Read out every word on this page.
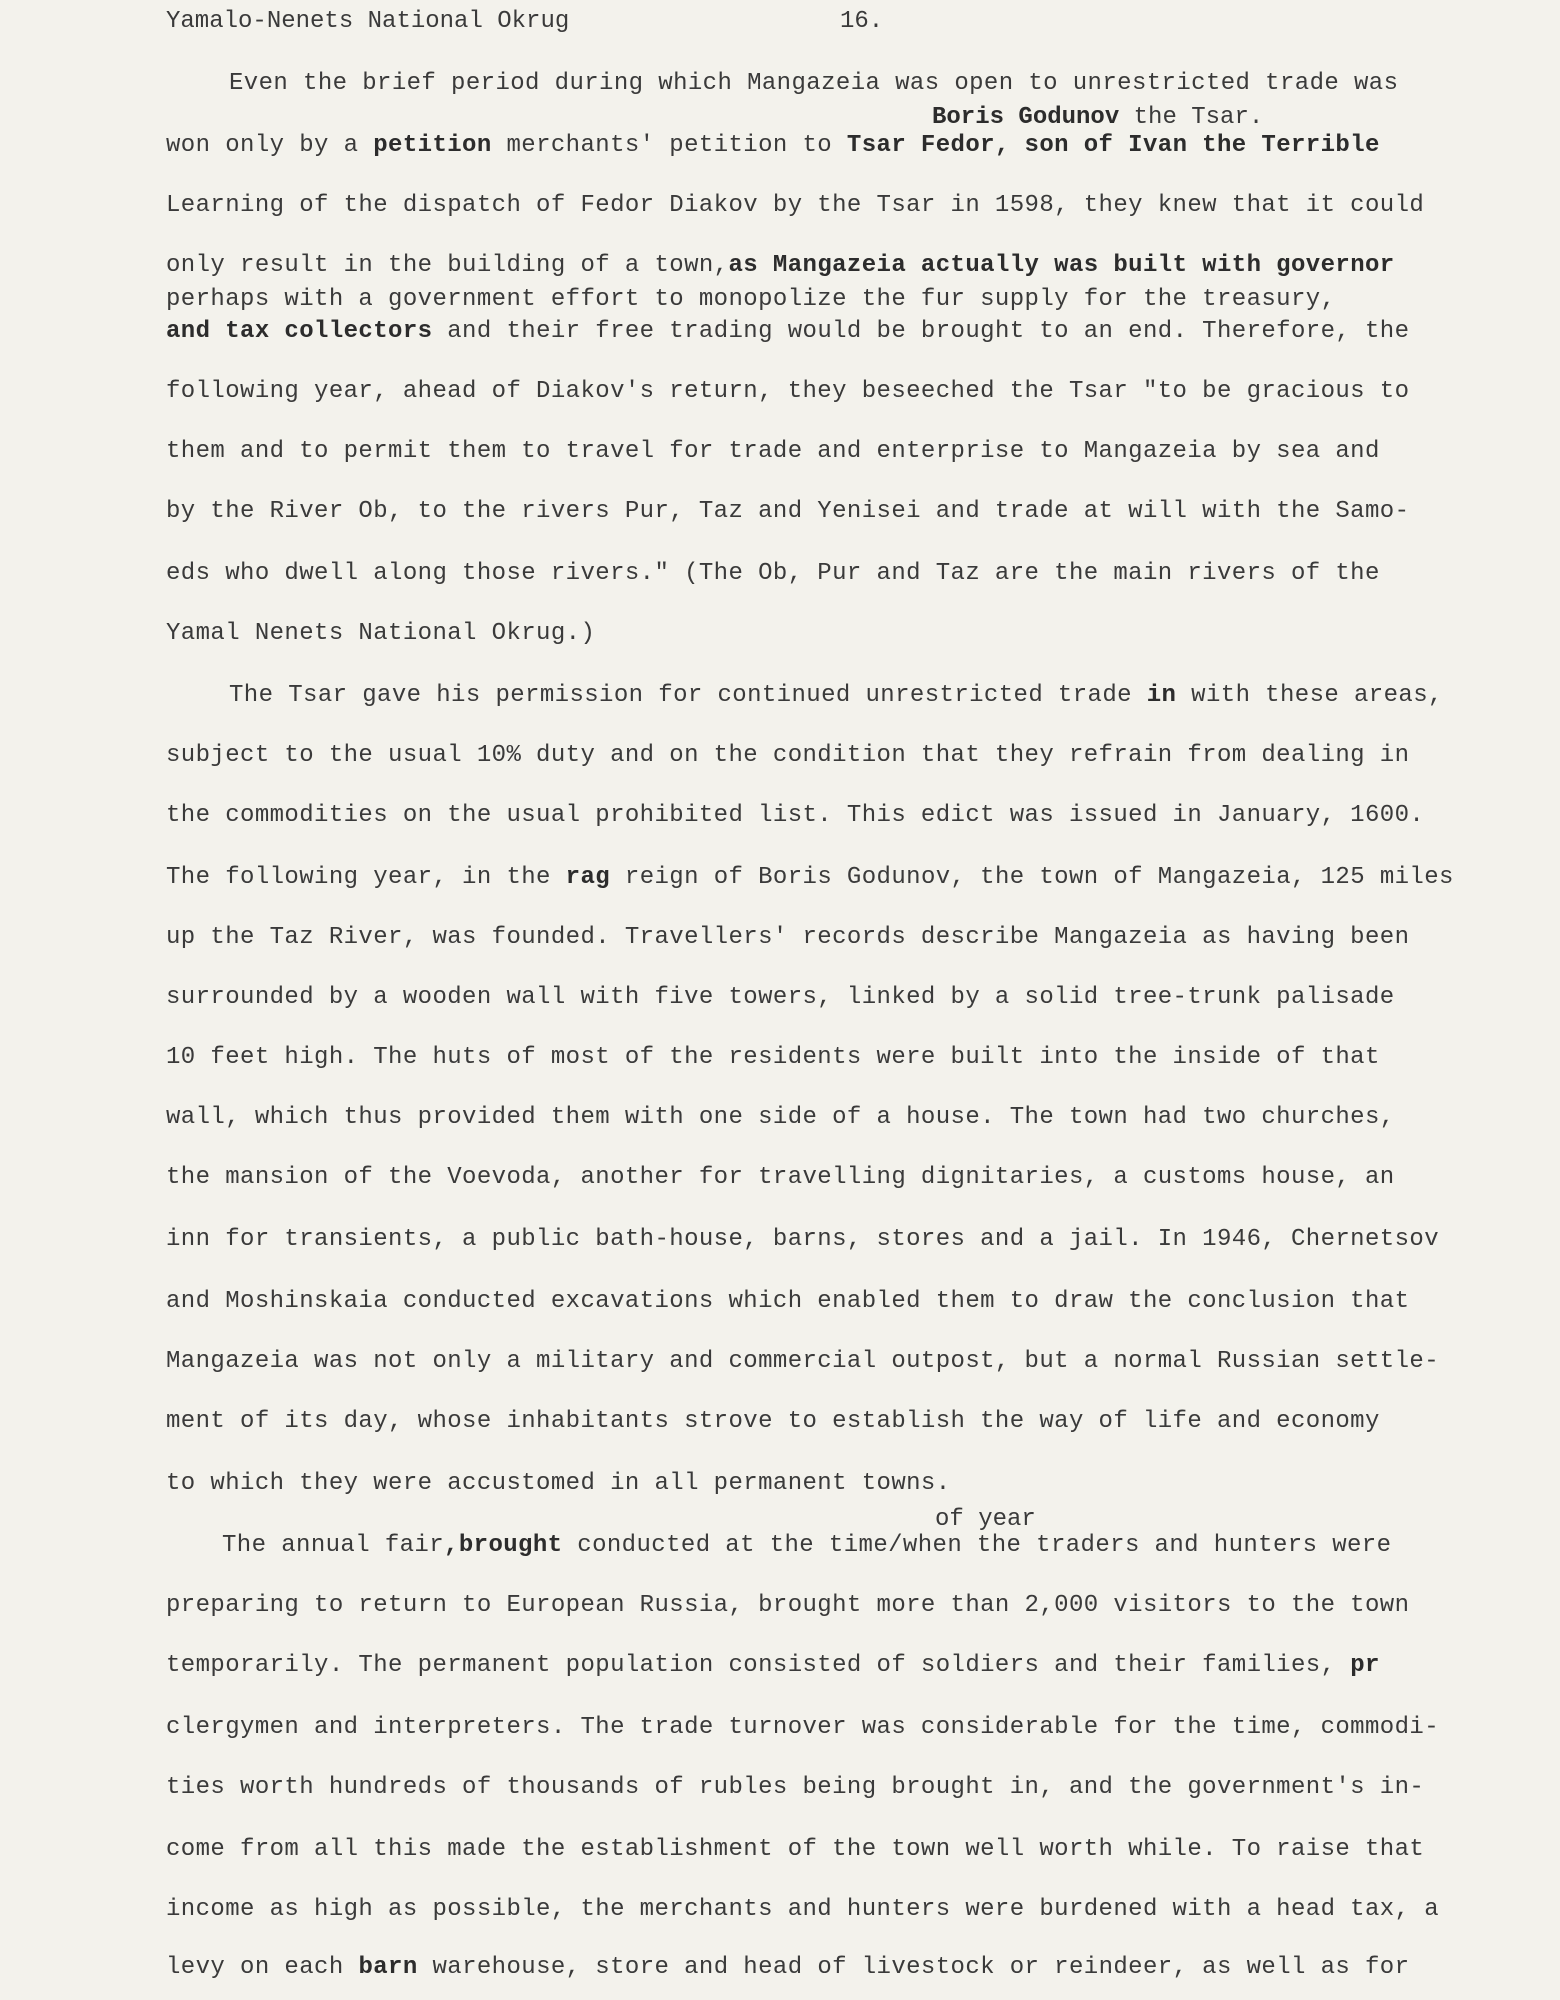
Yamalo-Nenets National Okrug	16.
Boris Godunov the Tsar.
of year
Even the brief period during which Mangazeia was open to unrestricted trade was
won only by a petition merchants' petition to Tsar Fedor, son of Ivan the Terrible
Learning of the dispatch of Fedor Diakov by the Tsar in 1598, they knew that it could
only result in the building of a town,as Mangazeia actually was built with governor
perhaps with a government effort to monopolize the fur supply for the treasury,
and tax collectors and their free trading would be brought to an end. Therefore, the
following year, ahead of Diakov's return, they beseeched the Tsar "to be gracious to
them and to permit them to travel for trade and enterprise to Mangazeia by sea and
by the River Ob, to the rivers Pur, Taz and Yenisei and trade at will with the Samo-
eds who dwell along those rivers." (The Ob, Pur and Taz are the main rivers of the
Yamal Nenets National Okrug.)
The Tsar gave his permission for continued unrestricted trade in with these areas,
subject to the usual 10% duty and on the condition that they refrain from dealing in
the commodities on the usual prohibited list. This edict was issued in January, 1600.
The following year, in the rag reign of Boris Godunov, the town of Mangazeia, 125 miles
up the Taz River, was founded. Travellers' records describe Mangazeia as having been
surrounded by a wooden wall with five towers, linked by a solid tree-trunk palisade
10 feet high. The huts of most of the residents were built into the inside of that
wall, which thus provided them with one side of a house. The town had two churches,
the mansion of the Voevoda, another for travelling dignitaries, a customs house, an
inn for transients, a public bath-house, barns, stores and a jail. In 1946, Chernetsov
and Moshinskaia conducted excavations which enabled them to draw the conclusion that
Mangazeia was not only a military and commercial outpost, but a normal Russian settle-
ment of its day, whose inhabitants strove to establish the way of life and economy
to which they were accustomed in all permanent towns.
The annual fair,brought conducted at the time/when the traders and hunters were
preparing to return to European Russia, brought more than 2,000 visitors to the town
temporarily. The permanent population consisted of soldiers and their families, pr
clergymen and interpreters. The trade turnover was considerable for the time, commodi-
ties worth hundreds of thousands of rubles being brought in, and the government's in-
come from all this made the establishment of the town well worth while. To raise that
income as high as possible, the merchants and hunters were burdened with a head tax, a
levy on each barn warehouse, store and head of livestock or reindeer, as well as for
